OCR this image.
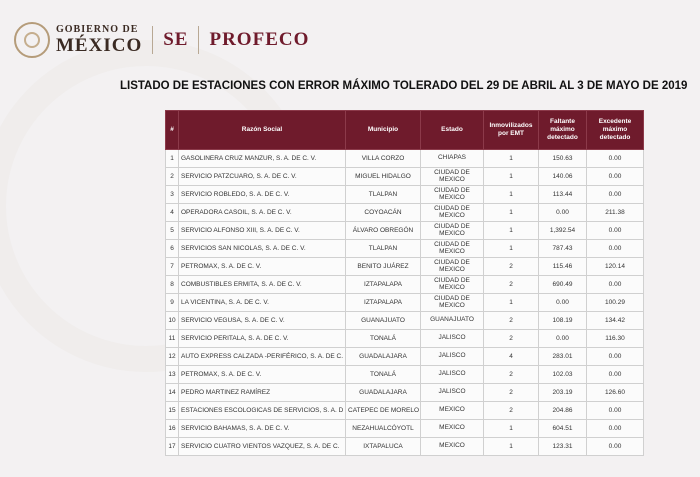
GOBIERNO DE
MÉXICO SE PROFECO
LISTADO DE ESTACIONES CON ERROR MÁXIMO TOLERADO DEL 29 DE ABRIL AL 3 DE MAYO DE 2019
#	Razón Social	Municipio	Estado	Inmovilizados por EMT	Faltante máximo detectado	Excedente máximo detectado
1	GASOLINERA CRUZ MANZUR, S. A. DE C. V.	VILLA CORZO	CHIAPAS	1	150.63	0.00
2	SERVICIO PATZCUARO, S. A. DE C. V.	MIGUEL HIDALGO	CIUDAD DE MEXICO	1	140.06	0.00
3	SERVICIO ROBLEDO, S. A. DE C. V.	TLALPAN	CIUDAD DE MEXICO	1	113.44	0.00
4	OPERADORA CASOIL, S. A. DE C. V.	COYOACÁN	CIUDAD DE MEXICO	1	0.00	211.38
5	SERVICIO ALFONSO XIII, S. A. DE C. V.	ÁLVARO OBREGÓN	CIUDAD DE MEXICO	1	1,392.54	0.00
6	SERVICIOS SAN NICOLAS, S. A. DE C. V.	TLALPAN	CIUDAD DE MEXICO	1	787.43	0.00
7	PETROMAX, S. A. DE C. V.	BENITO JUÁREZ	CIUDAD DE MEXICO	2	115.46	120.14
8	COMBUSTIBLES ERMITA, S. A. DE C. V.	IZTAPALAPA	CIUDAD DE MEXICO	2	690.49	0.00
9	LA VICENTINA, S. A. DE C. V.	IZTAPALAPA	CIUDAD DE MEXICO	1	0.00	100.29
10	SERVICIO VEGUSA, S. A. DE C. V.	GUANAJUATO	GUANAJUATO	2	108.19	134.42
11	SERVICIO PERITALA, S. A. DE C. V.	TONALÁ	JALISCO	2	0.00	116.30
12	AUTO EXPRESS CALZADA -PERIFÉRICO, S. A. DE C.	GUADALAJARA	JALISCO	4	283.01	0.00
13	PETROMAX, S. A. DE C. V.	TONALÁ	JALISCO	2	102.03	0.00
14	PEDRO MARTINEZ RAMÍREZ	GUADALAJARA	JALISCO	2	203.19	126.60
15	ESTACIONES ESCOLOGICAS DE SERVICIOS, S. A. D	CATEPEC DE MORELO	MEXICO	2	204.86	0.00
16	SERVICIO BAHAMAS, S. A. DE C. V.	NEZAHUALCÓYOTL	MEXICO	1	604.51	0.00
17	SERVICIO CUATRO VIENTOS VAZQUEZ, S. A. DE C.	IXTAPALUCA	MEXICO	1	123.31	0.00
